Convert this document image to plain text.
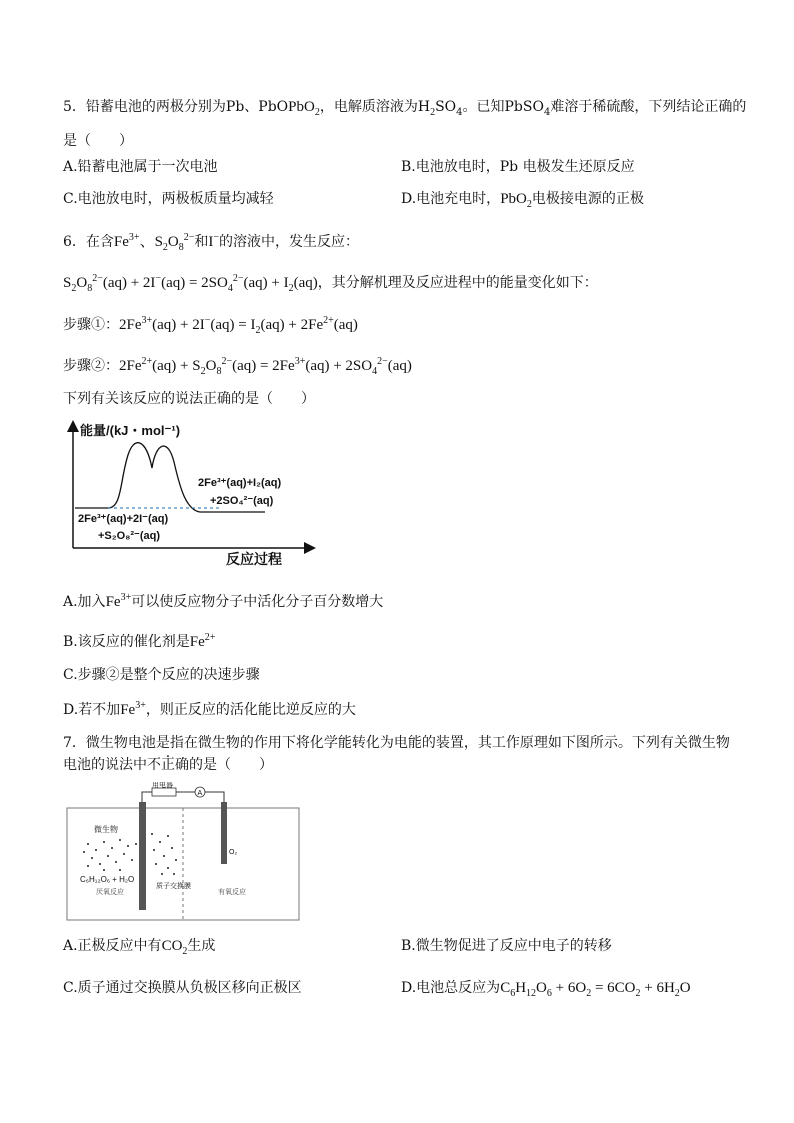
5．铅蓄电池的两极分别为Pb、PbOPbO$_2$，电解质溶液为$H_2SO_4$。已知PbSO$_4$难溶于稀硫酸，下列结论正确的
是（　　）
A.铅蓄电池属于一次电池	B.电池放电时，Pb 电极发生还原反应
C.电池放电时，两极板质量均减轻	D.电池充电时，PbO$_2$电极接电源的正极
6．在含$Fe^{3+}$、$S_2O_8^{2-}$和I−的溶液中，发生反应：
$S_2O_8^{2-}(aq) + 2I^-(aq) = 2SO_4^{2-}(aq) + I_2(aq)$，其分解机理及反应进程中的能量变化如下：
步骤①：$2Fe^{3+}(aq) + 2I^-(aq) = I_2(aq) + 2Fe^{2+}(aq)$
步骤②：$2Fe^{2+}(aq) + S_2O_8^{2-}(aq) = 2Fe^{3+}(aq) + 2SO_4^{2-}(aq)$
下列有关该反应的说法正确的是（　　）
能量/(kJ・mol⁻¹)
反应过程
2Fe³⁺(aq)+I₂(aq)
+2SO₄²⁻(aq)
2Fe³⁺(aq)+2I⁻(aq)
+S₂O₈²⁻(aq)
A.加入$Fe^{3+}$可以使反应物分子中活化分子百分数增大
B.该反应的催化剂是$Fe^{2+}$
C.步骤②是整个反应的决速步骤
D.若不加$Fe^{3+}$，则正反应的活化能比逆反应的大
7．微生物电池是指在微生物的作用下将化学能转化为电能的装置，其工作原理如下图所示。下列有关微生物
电池的说法中不正确的是（　　）
A
用电器
微生物
O₂
C₆H₁₂O₆ + H₂O
厌氧反应
质子交换膜
有氧反应
A.正极反应中有$CO_2$生成	B.微生物促进了反应中电子的转移
C.质子通过交换膜从负极区移向正极区	D.电池总反应为$C_6H_{12}O_6 + 6O_2 = 6CO_2 + 6H_2O$
